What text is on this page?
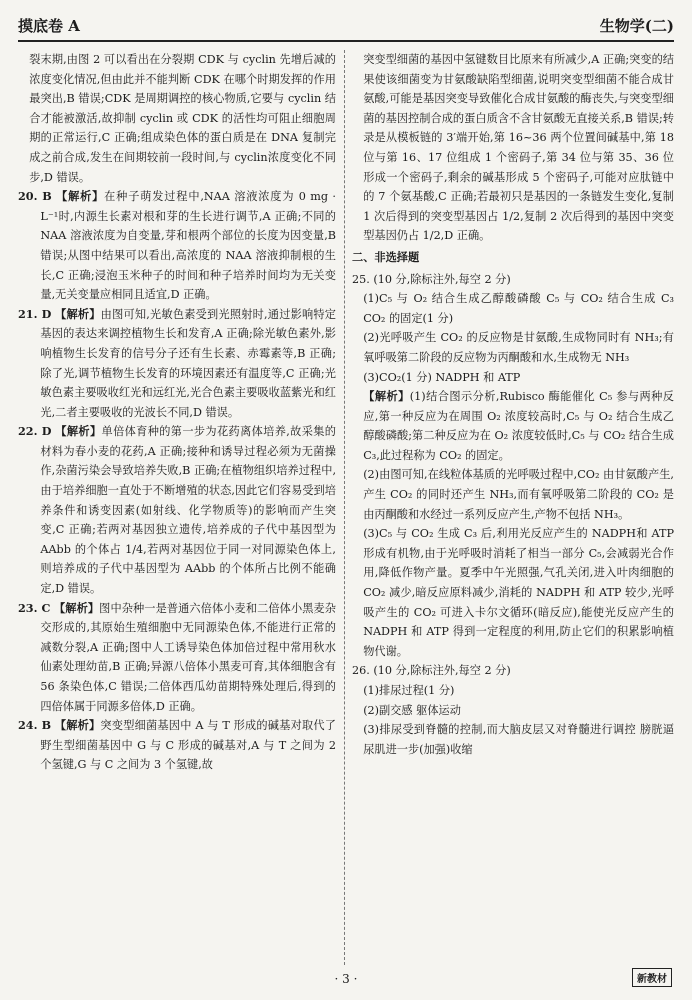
摸底卷 A	生物学(二)

裂末期,由图 2 可以看出在分裂期 CDK 与 cyclin 先增后减的浓度变化情况,但由此并不能判断 CDK 在哪个时期发挥的作用最突出,B 错误;CDK 是周期调控的核心物质,它要与 cyclin 结合才能被激活,故抑制 cyclin 或 CDK 的活性均可阻止细胞周期的正常运行,C 正确;组成染色体的蛋白质是在 DNA 复制完成之前合成,发生在间期较前一段时间,与 cyclin浓度变化不同步,D 错误。

20. B 【解析】在种子萌发过程中,NAA 溶液浓度为 0 mg · L⁻¹时,内源生长素对根和芽的生长进行调节,A 正确;不同的 NAA 溶液浓度为自变量,芽和根两个部位的长度为因变量,B 错误;从图中结果可以看出,高浓度的 NAA 溶液抑制根的生长,C 正确;浸泡玉米种子的时间和种子培养时间均为无关变量,无关变量应相同且适宜,D 正确。

21. D 【解析】由图可知,光敏色素受到光照射时,通过影响特定基因的表达来调控植物生长和发育,A 正确;除光敏色素外,影响植物生长发育的信号分子还有生长素、赤霉素等,B 正确;除了光,调节植物生长发育的环境因素还有温度等,C 正确;光敏色素主要吸收红光和远红光,光合色素主要吸收蓝紫光和红光,二者主要吸收的光波长不同,D 错误。

22. D 【解析】单倍体育种的第一步为花药离体培养,故采集的材料为春小麦的花药,A 正确;接种和诱导过程必须为无菌操作,杂菌污染会导致培养失败,B 正确;在植物组织培养过程中,由于培养细胞一直处于不断增殖的状态,因此它们容易受到培养条件和诱变因素(如射线、化学物质等)的影响而产生突变,C 正确;若两对基因独立遗传,培养成的子代中基因型为 AAbb 的个体占 1/4,若两对基因位于同一对同源染色体上,则培养成的子代中基因型为 AAbb 的个体所占比例不能确定,D 错误。

23. C 【解析】图中杂种一是普通六倍体小麦和二倍体小黑麦杂交形成的,其原始生殖细胞中无同源染色体,不能进行正常的减数分裂,A 正确;图中人工诱导染色体加倍过程中常用秋水仙素处理幼苗,B 正确;异源八倍体小黑麦可育,其体细胞含有 56 条染色体,C 错误;二倍体西瓜幼苗期特殊处理后,得到的四倍体属于同源多倍体,D 正确。

24. B 【解析】突变型细菌基因中 A 与 T 形成的碱基对取代了野生型细菌基因中 G 与 C 形成的碱基对,A 与 T 之间为 2 个氢键,G 与 C 之间为 3 个氢键,故

突变型细菌的基因中氢键数目比原来有所减少,A 正确;突变的结果使该细菌变为甘氨酸缺陷型细菌,说明突变型细菌不能合成甘氨酸,可能是基因突变导致催化合成甘氨酸的酶丧失,与突变型细菌的基因控制合成的蛋白质含不含甘氨酸无直接关系,B 错误;转录是从模板链的 3′端开始,第 16~36 两个位置间碱基中,第 18 位与第 16、17 位组成 1 个密码子,第 34 位与第 35、36 位形成一个密码子,剩余的碱基形成 5 个密码子,可能对应肽链中的 7 个氨基酸,C 正确;若最初只是基因的一条链发生变化,复制 1 次后得到的突变型基因占 1/2,复制 2 次后得到的基因中突变型基因仍占 1/2,D 正确。

二、非选择题

25. (10 分,除标注外,每空 2 分)

(1)C₅ 与 O₂ 结合生成乙醇酸磷酸 C₅ 与 CO₂ 结合生成 C₃ CO₂ 的固定(1 分)

(2)光呼吸产生 CO₂ 的反应物是甘氨酸,生成物同时有 NH₃;有氧呼吸第二阶段的反应物为丙酮酸和水,生成物无 NH₃

(3)CO₂(1 分) NADPH 和 ATP

【解析】(1)结合图示分析,Rubisco 酶能催化 C₅ 参与两种反应,第一种反应为在周围 O₂ 浓度较高时,C₅ 与 O₂ 结合生成乙醇酸磷酸;第二种反应为在 O₂ 浓度较低时,C₅ 与 CO₂ 结合生成 C₃,此过程称为 CO₂ 的固定。

(2)由图可知,在线粒体基质的光呼吸过程中,CO₂ 由甘氨酸产生,产生 CO₂ 的同时还产生 NH₃,而有氧呼吸第二阶段的 CO₂ 是由丙酮酸和水经过一系列反应产生,产物不包括 NH₃。

(3)C₅ 与 CO₂ 生成 C₃ 后,利用光反应产生的 NADPH和 ATP 形成有机物,由于光呼吸时消耗了相当一部分 C₅,会减弱光合作用,降低作物产量。夏季中午光照强,气孔关闭,进入叶肉细胞的 CO₂ 减少,暗反应原料减少,消耗的 NADPH 和 ATP 较少,光呼吸产生的 CO₂ 可进入卡尔文循环(暗反应),能使光反应产生的 NADPH 和 ATP 得到一定程度的利用,防止它们的积累影响植物代谢。

26. (10 分,除标注外,每空 2 分)

(1)排尿过程(1 分)

(2)副交感 躯体运动

(3)排尿受到脊髓的控制,而大脑皮层又对脊髓进行调控 膀胱逼尿肌进一步(加强)收缩

· 3 ·	新教材
